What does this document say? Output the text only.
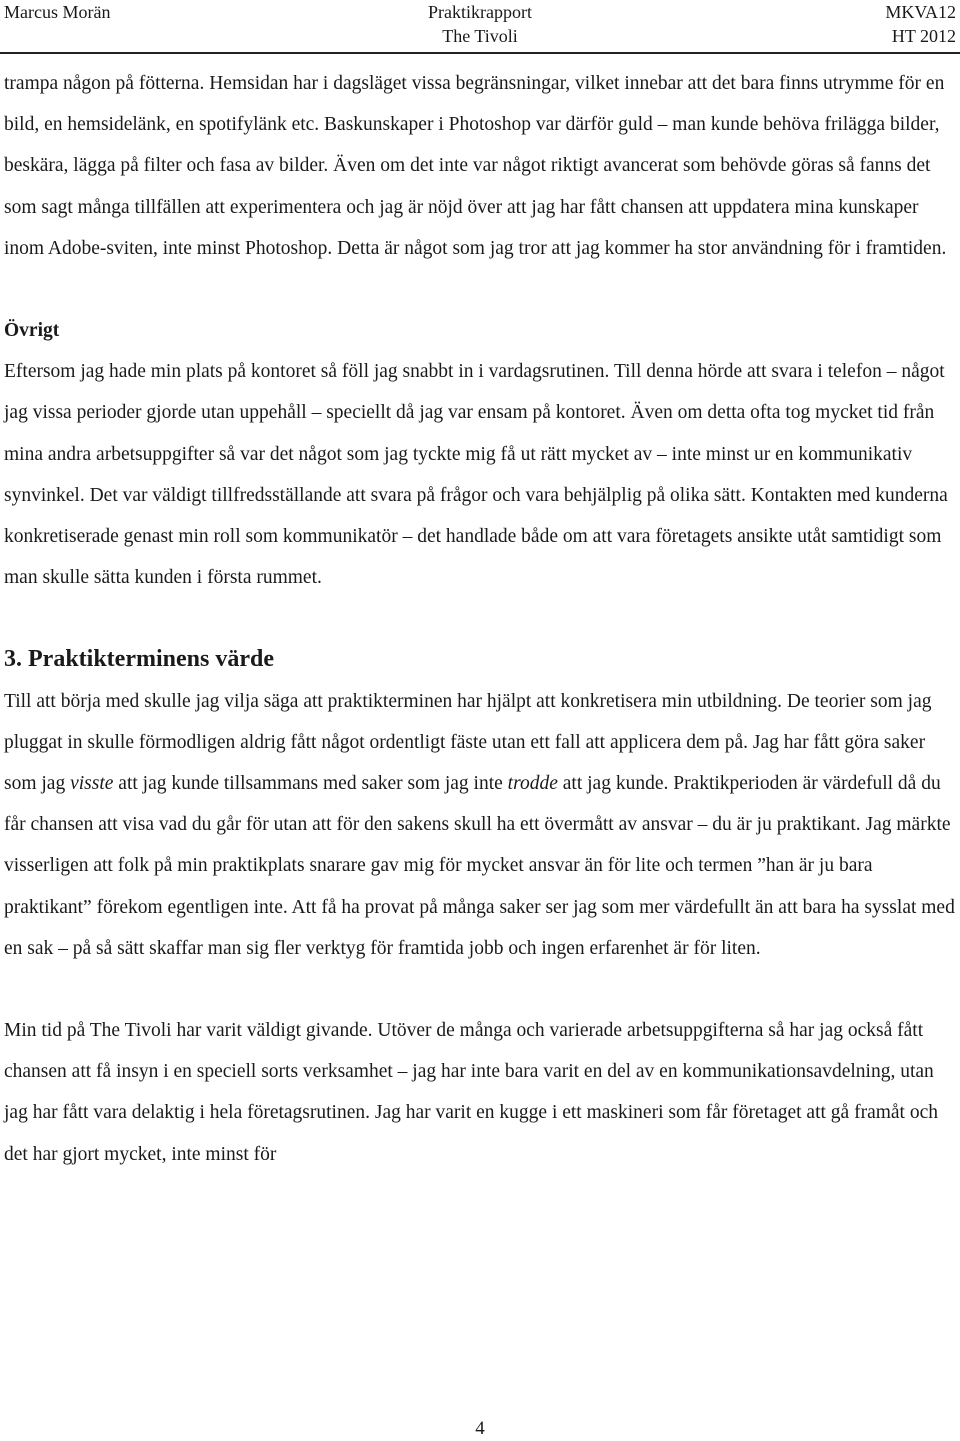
Marcus Morän	Praktikrapport
The Tivoli
MKVA12
HT 2012

trampa någon på fötterna. Hemsidan har i dagsläget vissa begränsningar, vilket innebar att det bara finns utrymme för en bild, en hemsidelänk, en spotifylänk etc. Baskunskaper i Photoshop var därför guld – man kunde behöva frilägga bilder, beskära, lägga på filter och fasa av bilder. Även om det inte var något riktigt avancerat som behövde göras så fanns det som sagt många tillfällen att experimentera och jag är nöjd över att jag har fått chansen att uppdatera mina kunskaper inom Adobe-sviten, inte minst Photoshop. Detta är något som jag tror att jag kommer ha stor användning för i framtiden.

Övrigt

Eftersom jag hade min plats på kontoret så föll jag snabbt in i vardagsrutinen. Till denna hörde att svara i telefon – något jag vissa perioder gjorde utan uppehåll – speciellt då jag var ensam på kontoret. Även om detta ofta tog mycket tid från mina andra arbetsuppgifter så var det något som jag tyckte mig få ut rätt mycket av – inte minst ur en kommunikativ synvinkel. Det var väldigt tillfredsställande att svara på frågor och vara behjälplig på olika sätt. Kontakten med kunderna konkretiserade genast min roll som kommunikatör – det handlade både om att vara företagets ansikte utåt samtidigt som man skulle sätta kunden i första rummet.

3. Praktikterminens värde

Till att börja med skulle jag vilja säga att praktikterminen har hjälpt att konkretisera min utbildning. De teorier som jag pluggat in skulle förmodligen aldrig fått något ordentligt fäste utan ett fall att applicera dem på. Jag har fått göra saker som jag visste att jag kunde tillsammans med saker som jag inte trodde att jag kunde. Praktikperioden är värdefull då du får chansen att visa vad du går för utan att för den sakens skull ha ett övermått av ansvar – du är ju praktikant. Jag märkte visserligen att folk på min praktikplats snarare gav mig för mycket ansvar än för lite och termen ”han är ju bara praktikant” förekom egentligen inte. Att få ha provat på många saker ser jag som mer värdefullt än att bara ha sysslat med en sak – på så sätt skaffar man sig fler verktyg för framtida jobb och ingen erfarenhet är för liten.

Min tid på The Tivoli har varit väldigt givande. Utöver de många och varierade arbetsuppgifterna så har jag också fått chansen att få insyn i en speciell sorts verksamhet – jag har inte bara varit en del av en kommunikationsavdelning, utan jag har fått vara delaktig i hela företagsrutinen. Jag har varit en kugge i ett maskineri som får företaget att gå framåt och det har gjort mycket, inte minst för

4
